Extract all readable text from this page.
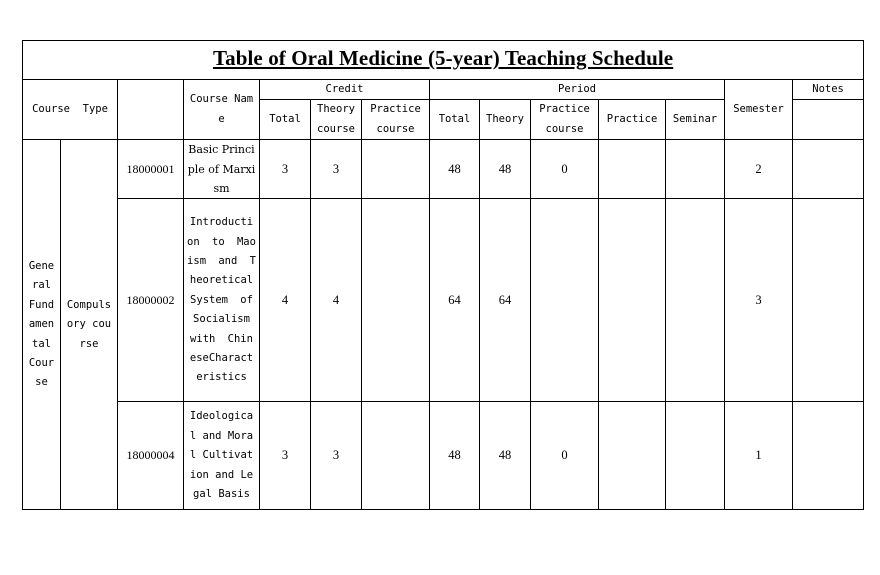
Table of Oral Medicine (5-year) Teaching Schedule													
Course  Type			Course Name	Credit			Period					Semester	Notes
				Total	Theory course	Practice course	Total	Theory	Practice course	Practice	Seminar		
General Fundamental Course	Compulsory course	18000001	Basic Principle of Marxism	3	3		48	48	0			2	
		18000002	Introduction to Maoism and Theoretical System of Socialism with ChineseCharacteristics	4	4		64	64				3	
		18000004	Ideological and Moral Cultivation and Legal Basis	3	3		48	48	0			1	
